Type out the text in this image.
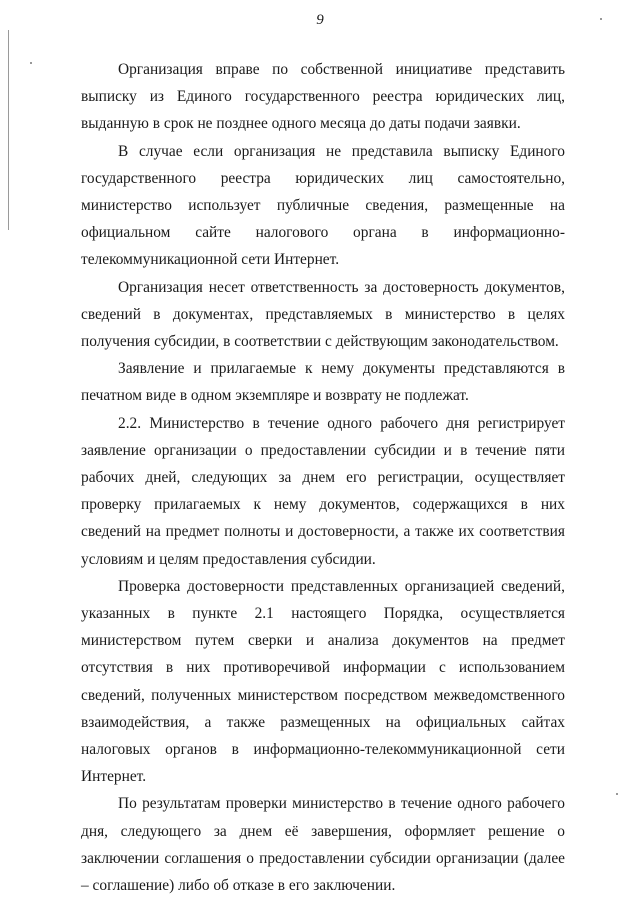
9

Организация вправе по собственной инициативе представить выписку из Единого государственного реестра юридических лиц, выданную в срок не позднее одного месяца до даты подачи заявки.

В случае если организация не представила выписку Единого государственного реестра юридических лиц самостоятельно, министерство использует публичные сведения, размещенные на официальном сайте налогового органа в информационно-телекоммуникационной сети Интернет.

Организация несет ответственность за достоверность документов, сведений в документах, представляемых в министерство в целях получения субсидии, в соответствии с действующим законодательством.

Заявление и прилагаемые к нему документы представляются в печатном виде в одном экземпляре и возврату не подлежат.

2.2. Министерство в течение одного рабочего дня регистрирует заявление организации о предоставлении субсидии и в течение пяти рабочих дней, следующих за днем его регистрации, осуществляет проверку прилагаемых к нему документов, содержащихся в них сведений на предмет полноты и достоверности, а также их соответствия условиям и целям предоставления субсидии.

Проверка достоверности представленных организацией сведений, указанных в пункте 2.1 настоящего Порядка, осуществляется министерством путем сверки и анализа документов на предмет отсутствия в них противоречивой информации с использованием сведений, полученных министерством посредством межведомственного взаимодействия, а также размещенных на официальных сайтах налоговых органов в информационно-телекоммуникационной сети Интернет.

По результатам проверки министерство в течение одного рабочего дня, следующего за днем её завершения, оформляет решение о заключении соглашения о предоставлении субсидии организации (далее – соглашение) либо об отказе в его заключении.
